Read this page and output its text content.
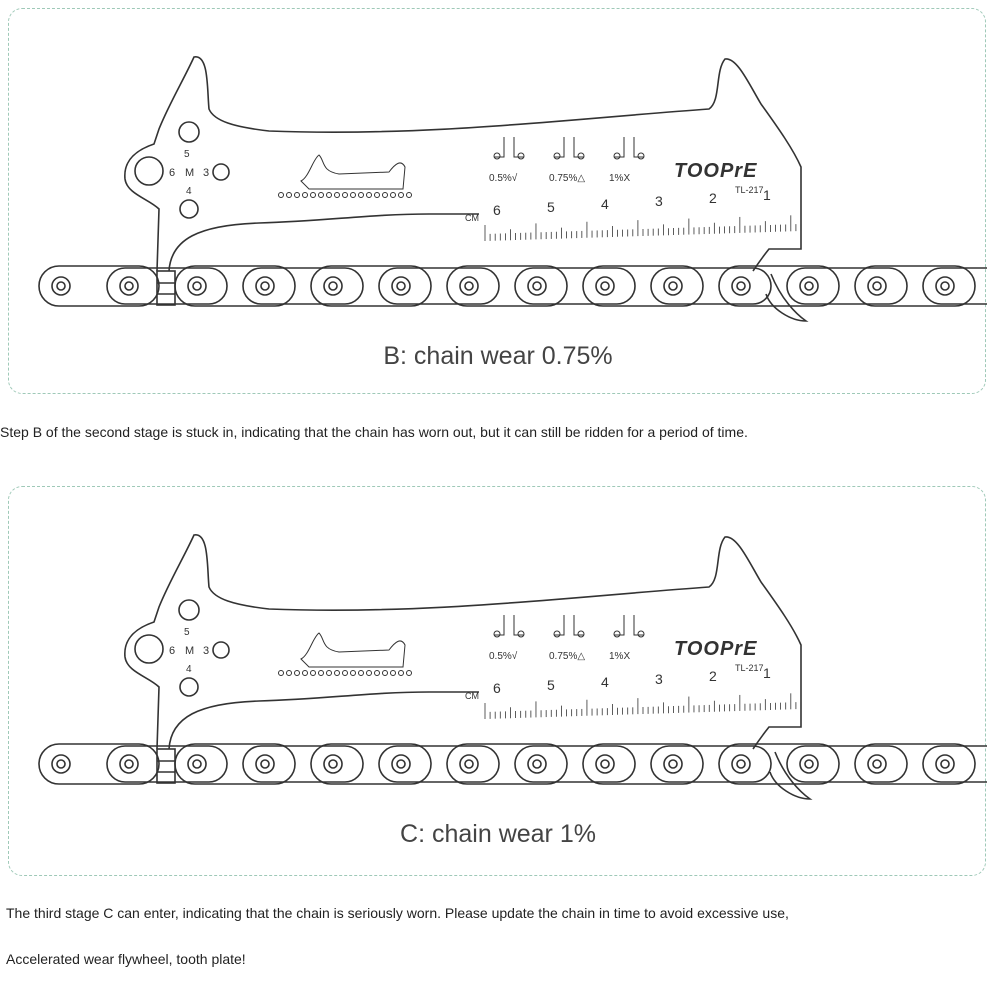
5
6 M 3
4
0.5%√	0.75%△ 1%X TOOPrE
TL-217
CM 6	5	4	3	2	1
B: chain wear 0.75%
Step B of the second stage is stuck in, indicating that the chain has worn out, but it can still be ridden for a period of time.
5
6 M 3
4
0.5%√	0.75%△ 1%X TOOPrE
TL-217
CM 6	5	4	3	2	1
C: chain wear 1%
The third stage C can enter, indicating that the chain is seriously worn. Please update the chain in time to avoid excessive use,
Accelerated wear flywheel, tooth plate!
